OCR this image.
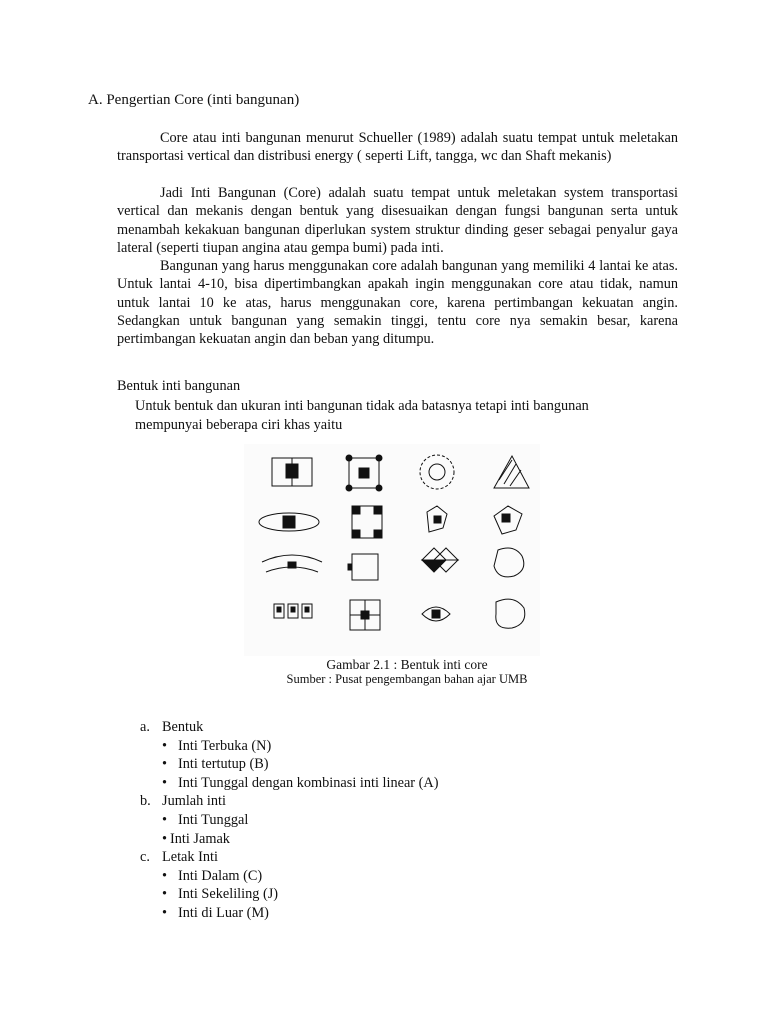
A. Pengertian Core (inti bangunan)

Core atau inti bangunan menurut Schueller (1989) adalah suatu tempat untuk meletakan transportasi vertical dan distribusi energy ( seperti Lift, tangga, wc dan Shaft mekanis)

Jadi Inti Bangunan (Core) adalah suatu tempat untuk meletakan system transportasi vertical dan mekanis dengan bentuk yang disesuaikan dengan fungsi bangunan serta untuk menambah kekakuan bangunan diperlukan system struktur dinding geser sebagai penyalur gaya lateral (seperti tiupan angina atau gempa bumi) pada inti.

Bangunan yang harus menggunakan core adalah bangunan yang memiliki 4 lantai ke atas. Untuk lantai 4-10, bisa dipertimbangkan apakah ingin menggunakan core atau tidak, namun untuk lantai 10 ke atas, harus menggunakan core, karena pertimbangan kekuatan angin. Sedangkan untuk bangunan yang semakin tinggi, tentu core nya semakin besar, karena pertimbangan kekuatan angin dan beban yang ditumpu.

Bentuk inti bangunan
Untuk bentuk dan ukuran inti bangunan tidak ada batasnya tetapi inti bangunan mempunyai beberapa ciri khas yaitu
Gambar 2.1 : Bentuk inti core
Sumber : Pusat pengembangan bahan ajar UMB
a. Bentuk
• Inti Terbuka (N)
• Inti tertutup (B)
• Inti Tunggal dengan kombinasi inti linear (A)
b. Jumlah inti
• Inti Tunggal
• Inti Jamak
c. Letak Inti
• Inti Dalam (C)
• Inti Sekeliling (J)
• Inti di Luar (M)
